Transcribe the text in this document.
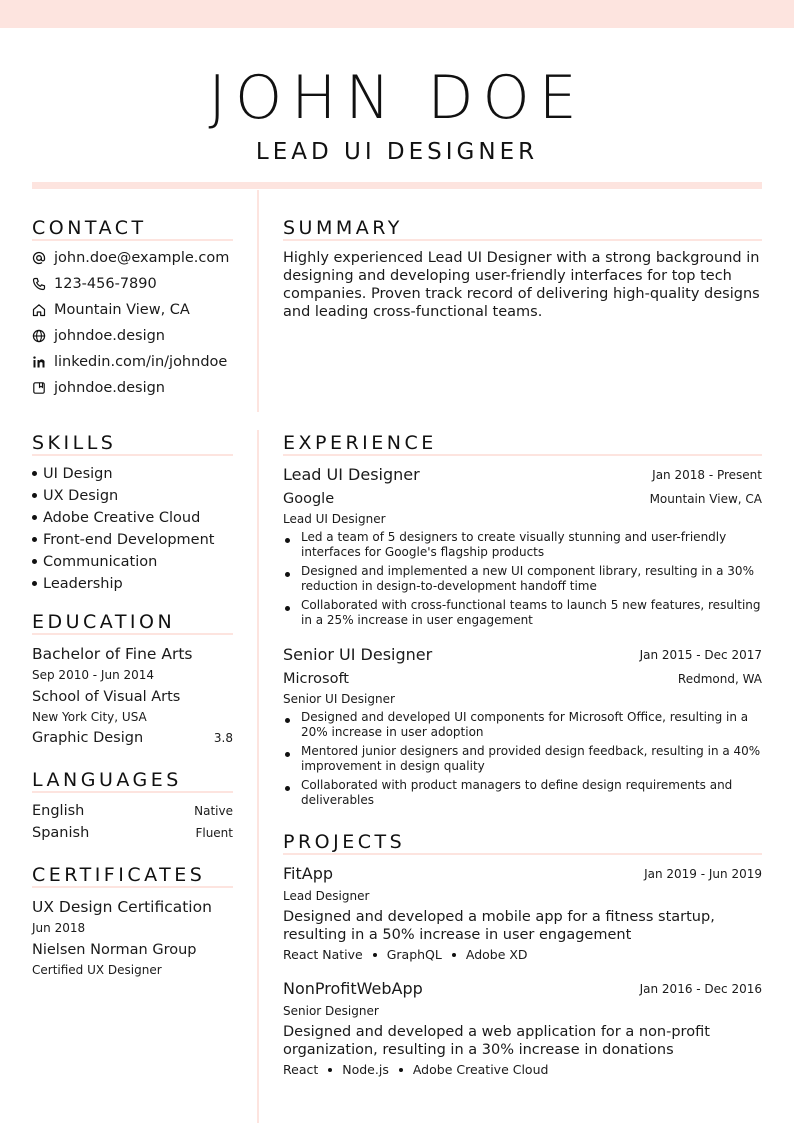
JOHN DOE
LEAD UI DESIGNER
CONTACT
john.doe@example.com
123-456-7890
Mountain View, CA
johndoe.design
linkedin.com/in/johndoe
johndoe.design
SUMMARY
Highly experienced Lead UI Designer with a strong background in designing and developing user-friendly interfaces for top tech companies. Proven track record of delivering high-quality designs and leading cross-functional teams.
SKILLS
UI Design
UX Design
Adobe Creative Cloud
Front-end Development
Communication
Leadership
EDUCATION
Bachelor of Fine Arts
Sep 2010 - Jun 2014
School of Visual Arts
New York City, USA
Graphic Design	3.8
LANGUAGES
English	Native
Spanish	Fluent
CERTIFICATES
UX Design Certification
Jun 2018
Nielsen Norman Group
Certified UX Designer
EXPERIENCE
Lead UI Designer	Jan 2018 - Present
Google	Mountain View, CA
Lead UI Designer
Led a team of 5 designers to create visually stunning and user-friendly interfaces for Google's flagship products
Designed and implemented a new UI component library, resulting in a 30% reduction in design-to-development handoff time
Collaborated with cross-functional teams to launch 5 new features, resulting in a 25% increase in user engagement
Senior UI Designer	Jan 2015 - Dec 2017
Microsoft	Redmond, WA
Senior UI Designer
Designed and developed UI components for Microsoft Office, resulting in a 20% increase in user adoption
Mentored junior designers and provided design feedback, resulting in a 40% improvement in design quality
Collaborated with product managers to define design requirements and deliverables
PROJECTS
FitApp	Jan 2019 - Jun 2019
Lead Designer
Designed and developed a mobile app for a fitness startup, resulting in a 50% increase in user engagement
React Native GraphQL Adobe XD
NonProfitWebApp	Jan 2016 - Dec 2016
Senior Designer
Designed and developed a web application for a non-profit organization, resulting in a 30% increase in donations
React Node.js Adobe Creative Cloud
